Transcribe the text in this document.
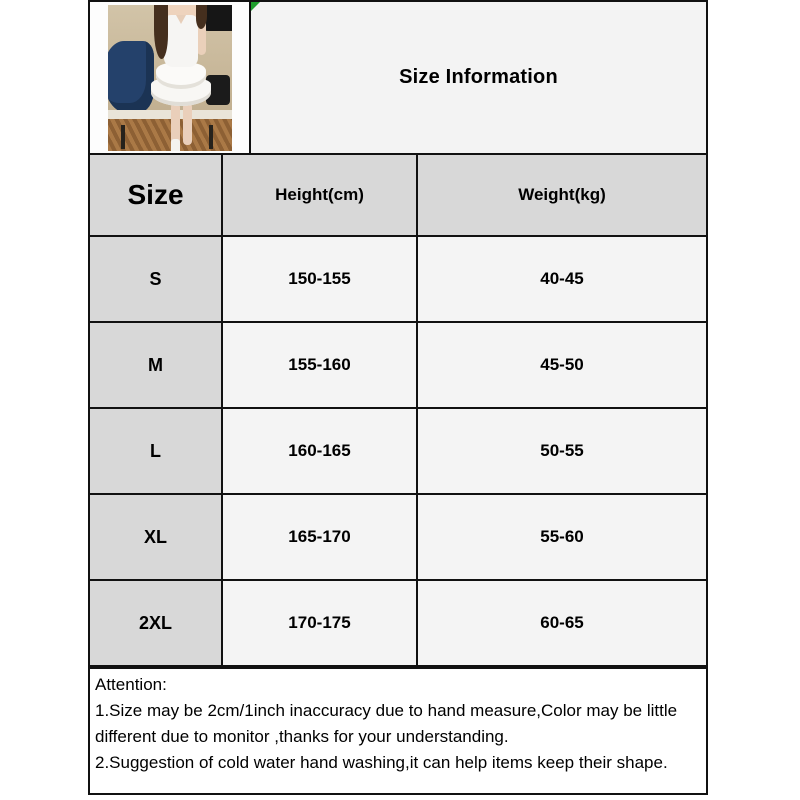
Size Information
Size	Height(cm)	Weight(kg)
S	150-155	40-45
M	155-160	45-50
L	160-165	50-55
XL	165-170	55-60
2XL	170-175	60-65
Attention:
1.Size may be 2cm/1inch inaccuracy due to hand measure,Color may be little different due to monitor ,thanks for your understanding.
2.Suggestion of cold water hand washing,it can help items keep their shape.
